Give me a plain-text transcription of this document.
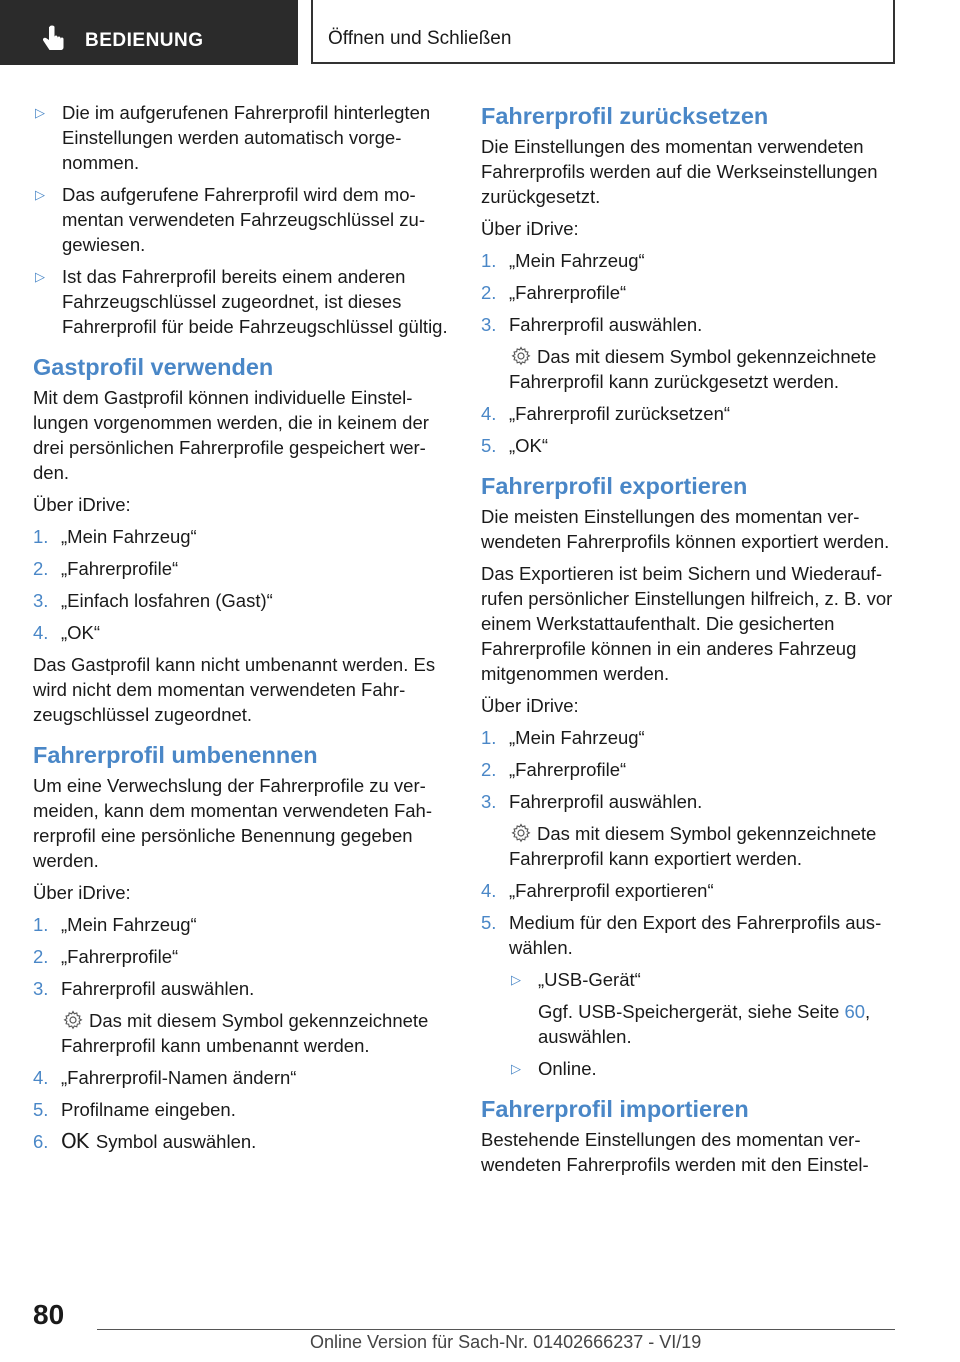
BEDIENUNG	Öffnen und Schließen
▷ Die im aufgerufenen Fahrerprofil hinterlegten Einstellungen werden automatisch vorgenommen.
▷ Das aufgerufene Fahrerprofil wird dem momentan verwendeten Fahrzeugschlüssel zugewiesen.
▷ Ist das Fahrerprofil bereits einem anderen Fahrzeugschlüssel zugeordnet, ist dieses Fahrerprofil für beide Fahrzeugschlüssel gültig.
Gastprofil verwenden

Mit dem Gastprofil können individuelle Einstellungen vorgenommen werden, die in keinem der drei persönlichen Fahrerprofile gespeichert werden.

Über iDrive:

1. „Mein Fahrzeug“
2. „Fahrerprofile“
3. „Einfach losfahren (Gast)“
4. „OK“

Das Gastprofil kann nicht umbenannt werden. Es wird nicht dem momentan verwendeten Fahrzeugschlüssel zugeordnet.

Fahrerprofil umbenennen

Um eine Verwechslung der Fahrerprofile zu vermeiden, kann dem momentan verwendeten Fahrerprofil eine persönliche Benennung gegeben werden.

Über iDrive:

1. „Mein Fahrzeug“
2. „Fahrerprofile“
3. Fahrerprofil auswählen.
Das mit diesem Symbol gekennzeichnete Fahrerprofil kann umbenannt werden.
4. „Fahrerprofil-Namen ändern“
5. Profilname eingeben.
6. OK Symbol auswählen.
Fahrerprofil zurücksetzen

Die Einstellungen des momentan verwendeten Fahrerprofils werden auf die Werkseinstellungen zurückgesetzt.

Über iDrive:

1. „Mein Fahrzeug“
2. „Fahrerprofile“
3. Fahrerprofil auswählen.
Das mit diesem Symbol gekennzeichnete Fahrerprofil kann zurückgesetzt werden.
4. „Fahrerprofil zurücksetzen“
5. „OK“
Fahrerprofil exportieren

Die meisten Einstellungen des momentan verwendeten Fahrerprofils können exportiert werden.

Das Exportieren ist beim Sichern und Wiederaufrufen persönlicher Einstellungen hilfreich, z. B. vor einem Werkstattaufenthalt. Die gesicherten Fahrerprofile können in ein anderes Fahrzeug mitgenommen werden.

Über iDrive:

1. „Mein Fahrzeug“
2. „Fahrerprofile“
3. Fahrerprofil auswählen.
Das mit diesem Symbol gekennzeichnete Fahrerprofil kann exportiert werden.
4. „Fahrerprofil exportieren“
5. Medium für den Export des Fahrerprofils auswählen.
▷ „USB-Gerät“
Ggf. USB-Speichergerät, siehe Seite 60,
auswählen.
▷ Online.
Fahrerprofil importieren

Bestehende Einstellungen des momentan verwendeten Fahrerprofils werden mit den Einstel-

80
Online Version für Sach-Nr. 01402666237 - VI/19
